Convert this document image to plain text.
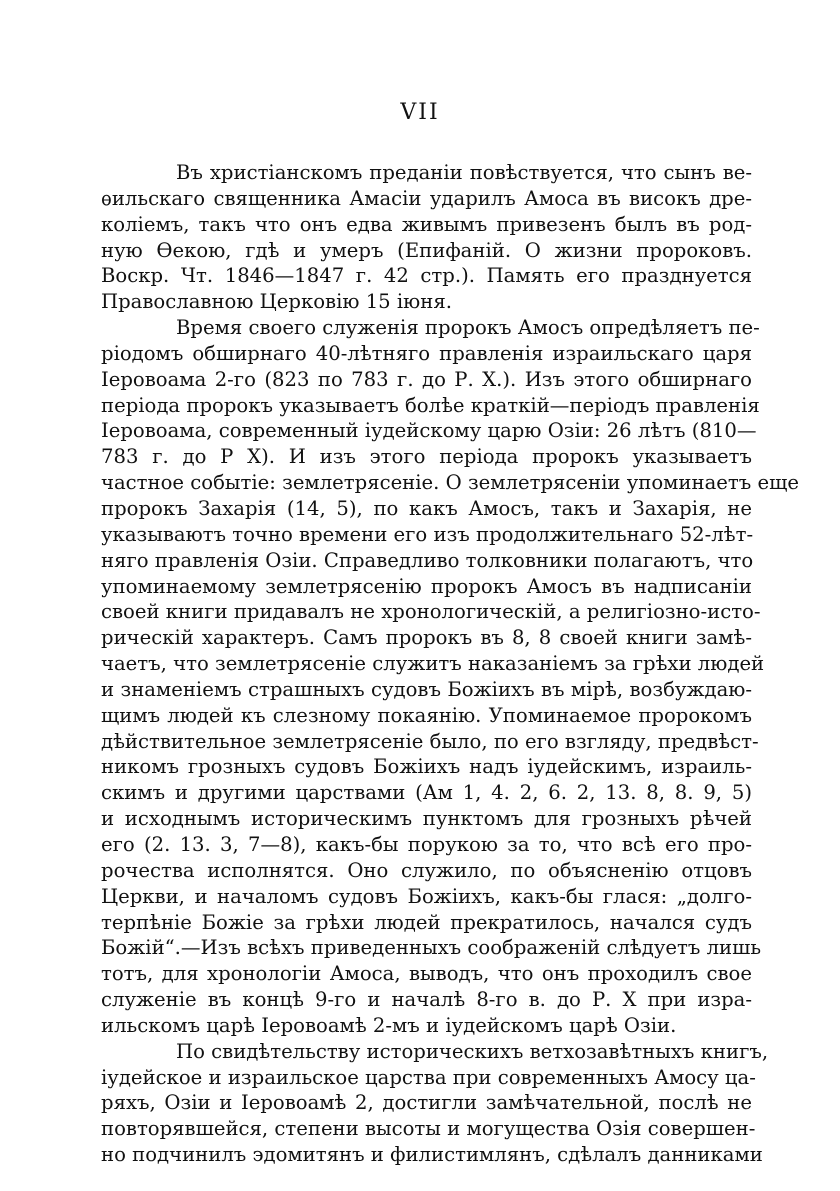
VII
Въ христіанскомъ преданіи повѣствуется, что сынъ ве-
ѳильскаго священника Амасіи ударилъ Амоса въ високъ дре-
коліемъ, такъ что онъ едва живымъ привезенъ былъ въ род-
ную Ѳекою, гдѣ и умеръ (Епифаній. О жизни пророковъ.
Воскр. Чт. 1846—1847 г. 42 стр.). Память его празднуется
Православною Церковію 15 іюня.
Время своего служенія пророкъ Амосъ опредѣляетъ пе-
ріодомъ обширнаго 40-лѣтняго правленія израильскаго царя
Іеровоама 2-го (823 по 783 г. до Р. X.). Изъ этого обширнаго
періода пророкъ указываетъ болѣе краткій—періодъ правленія
Іеровоама, современный іудейскому царю Озіи: 26 лѣтъ (810—
783 г. до Р X). И изъ этого періода пророкъ указываетъ
частное событіе: землетрясеніе. О землетрясеніи упоминаетъ еще
пророкъ Захарія (14, 5), по какъ Амосъ, такъ и Захарія, не
указываютъ точно времени его изъ продолжительнаго 52-лѣт-
няго правленія Озіи. Справедливо толковники полагаютъ, что
упоминаемому землетрясенію пророкъ Амосъ въ надписаніи
своей книги придавалъ не хронологическій, а религіозно-исто-
рическій характеръ. Самъ пророкъ въ 8, 8 своей книги замѣ-
чаетъ, что землетрясеніе служитъ наказаніемъ за грѣхи людей
и знаменіемъ страшныхъ судовъ Божіихъ въ мірѣ, возбуждаю-
щимъ людей къ слезному покаянію. Упоминаемое пророкомъ
дѣйствительное землетрясеніе было, по его взгляду, предвѣст-
никомъ грозныхъ судовъ Божіихъ надъ іудейскимъ, израиль-
скимъ и другими царствами (Ам 1, 4. 2, 6. 2, 13. 8, 8. 9, 5)
и исходнымъ историческимъ пунктомъ для грозныхъ рѣчей
его (2. 13. 3, 7—8), какъ-бы порукою за то, что всѣ его про-
рочества исполнятся. Оно служило, по объясненію отцовъ
Церкви, и началомъ судовъ Божіихъ, какъ-бы глася: „долго-
терпѣніе Божіе за грѣхи людей прекратилось, начался судъ
Божій“.—Изъ всѣхъ приведенныхъ соображеній слѣдуетъ лишь
тотъ, для хронологіи Амоса, выводъ, что онъ проходилъ свое
служеніе въ концѣ 9-го и началѣ 8-го в. до Р. X при изра-
ильскомъ царѣ Іеровоамѣ 2-мъ и іудейскомъ царѣ Озіи.
По свидѣтельству историческихъ ветхозавѣтныхъ книгъ,
іудейское и израильское царства при современныхъ Амосу ца-
ряхъ, Озіи и Іеровоамѣ 2, достигли замѣчательной, послѣ не
повторявшейся, степени высоты и могущества Озія совершен-
но подчинилъ эдомитянъ и филистимлянъ, сдѣлалъ данниками
